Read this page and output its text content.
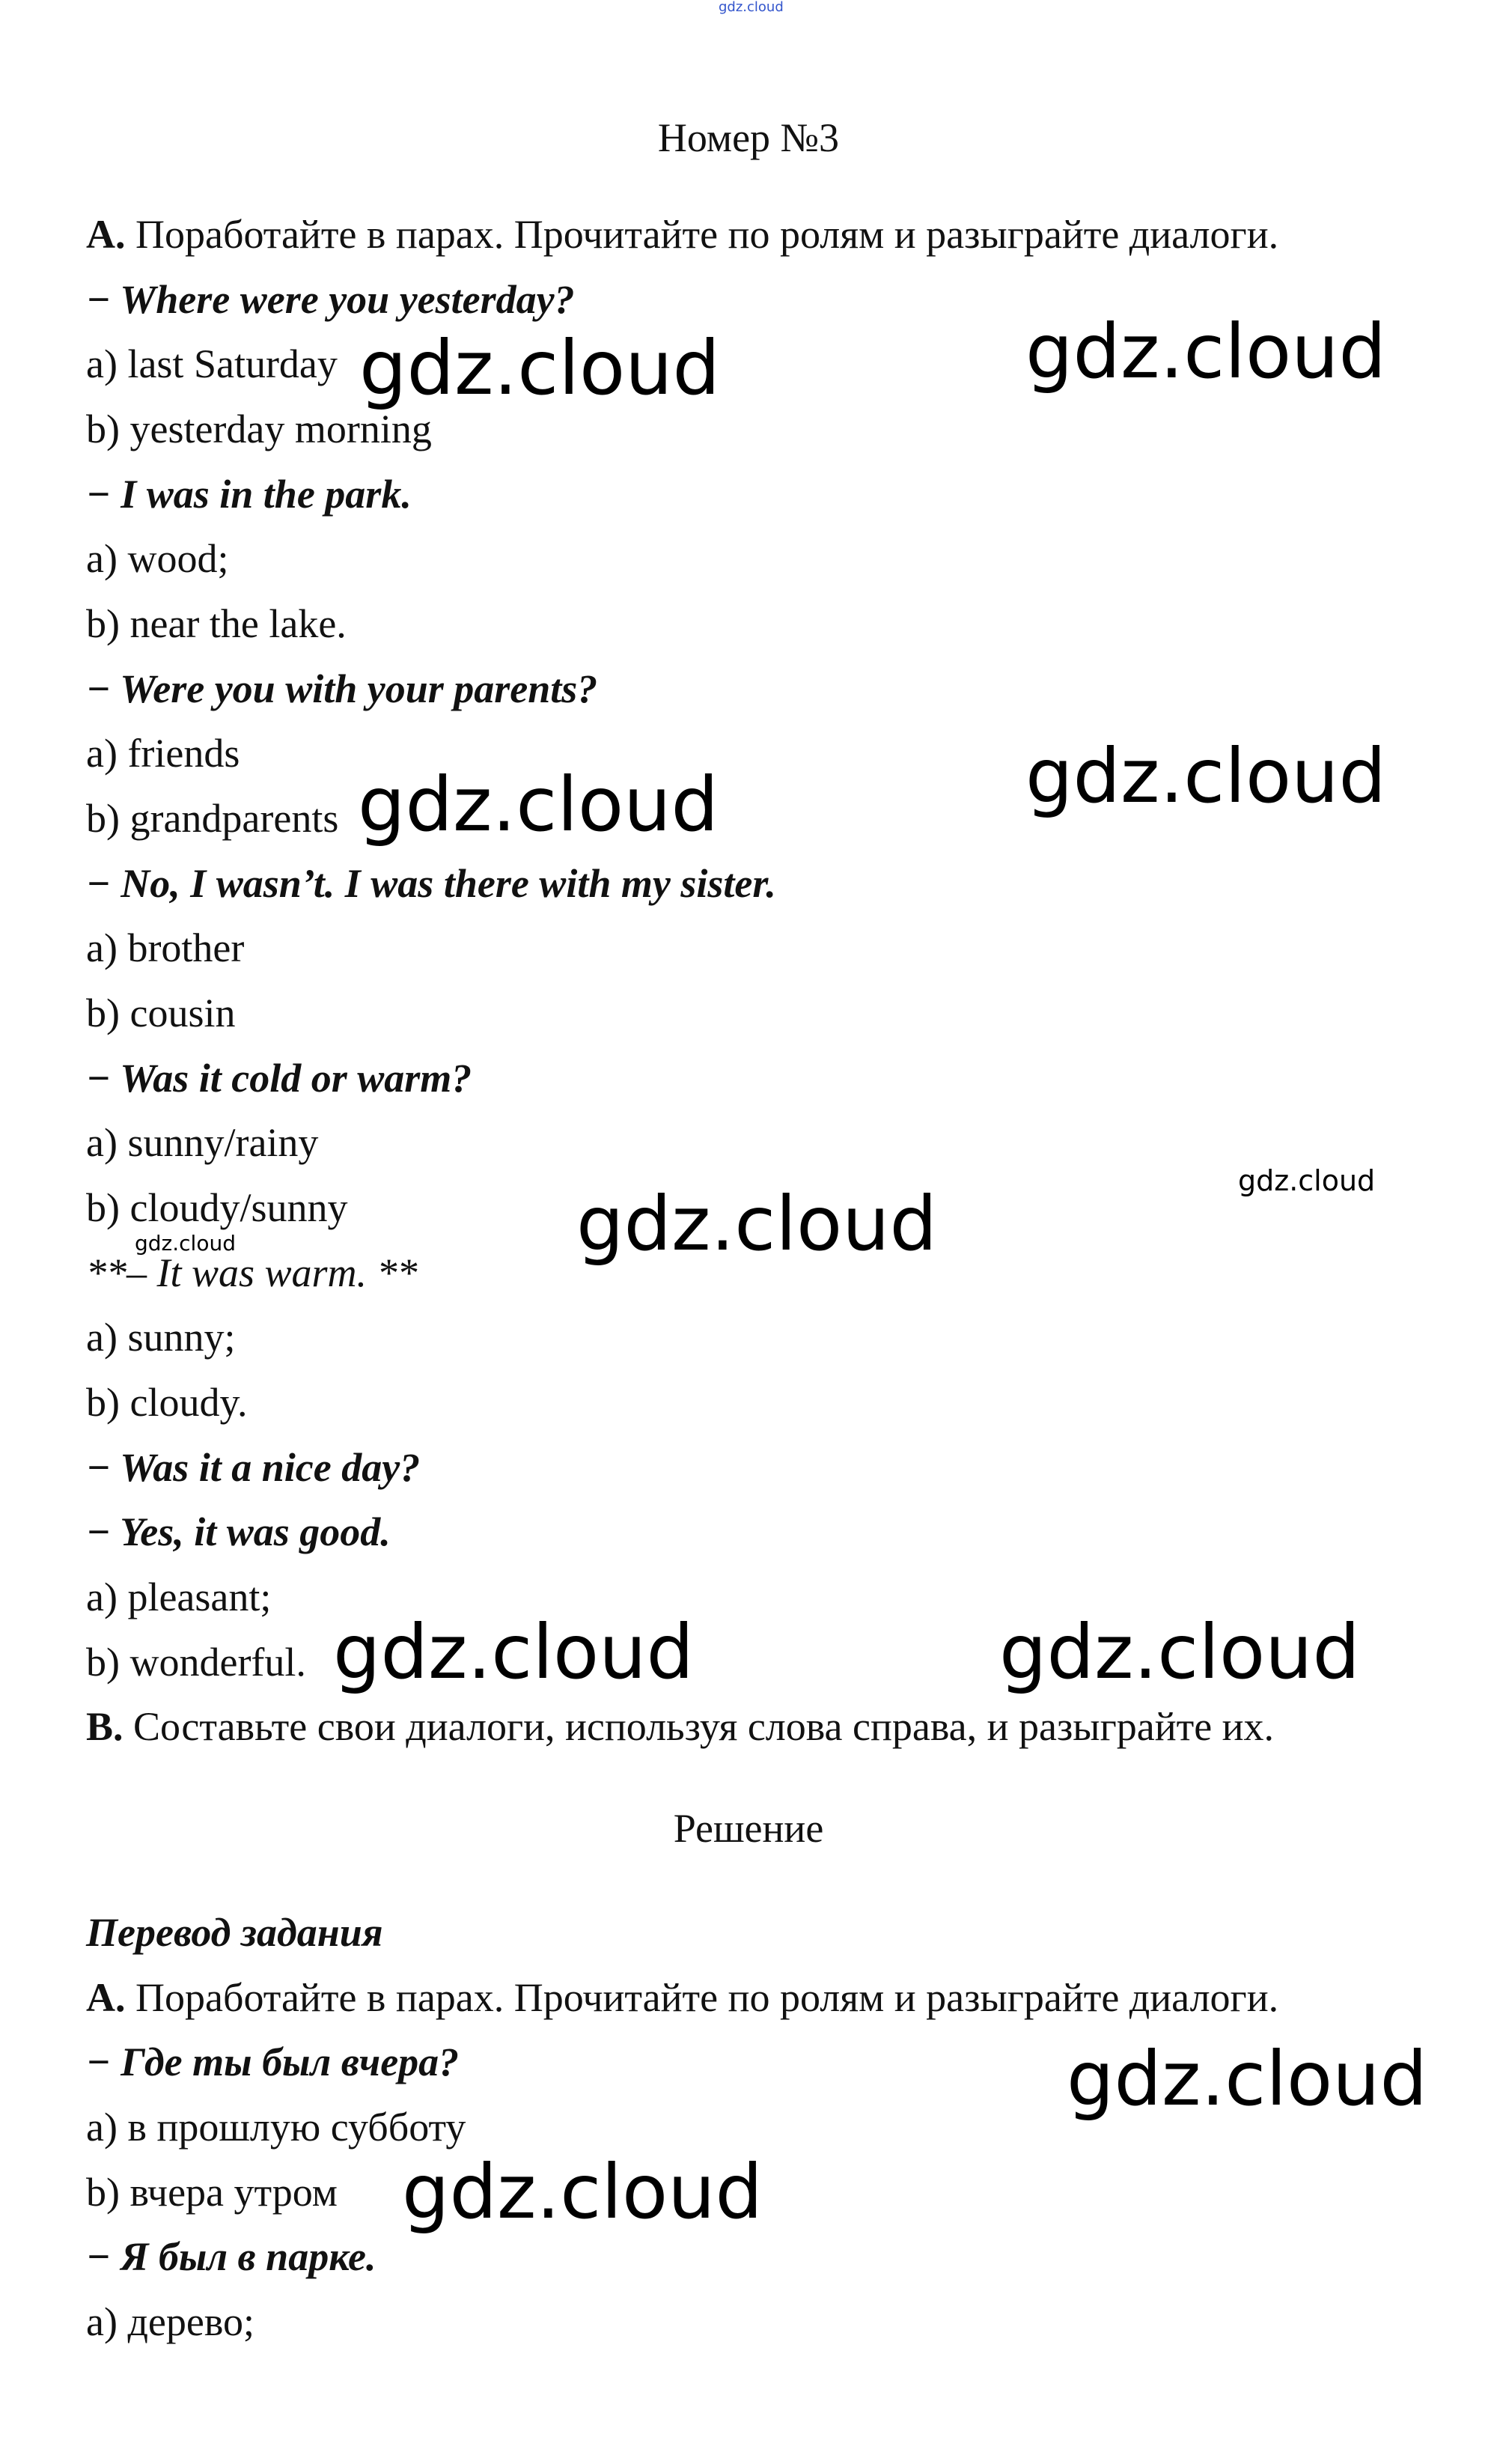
gdz.cloud
Номер №3
A. Поработайте в парах. Прочитайте по ролям и разыграйте диалоги.
− Where were you yesterday?
a) last Saturday
b) yesterday morning
− I was in the park.
a) wood;
b) near the lake.
− Were you with your parents?
a) friends
b) grandparents
− No, I wasn’t. I was there with my sister.
a) brother
b) cousin
− Was it cold or warm?
a) sunny/rainy
b) cloudy/sunny
**– It was warm. **
a) sunny;
b) cloudy.
− Was it a nice day?
− Yes, it was good.
a) pleasant;
b) wonderful.
B. Составьте свои диалоги, используя слова справа, и разыграйте их.
Решение
Перевод задания
A. Поработайте в парах. Прочитайте по ролям и разыграйте диалоги.
− Где ты был вчера?
a) в прошлую субботу
b) вчера утром
− Я был в парке.
a) дерево;
gdz.cloud	gdz.cloud
gdz.cloud
gdz.cloud
gdz.cloud	gdz.cloud
gdz.cloud
gdz.cloud	gdz.cloud
gdz.cloud
gdz.cloud
